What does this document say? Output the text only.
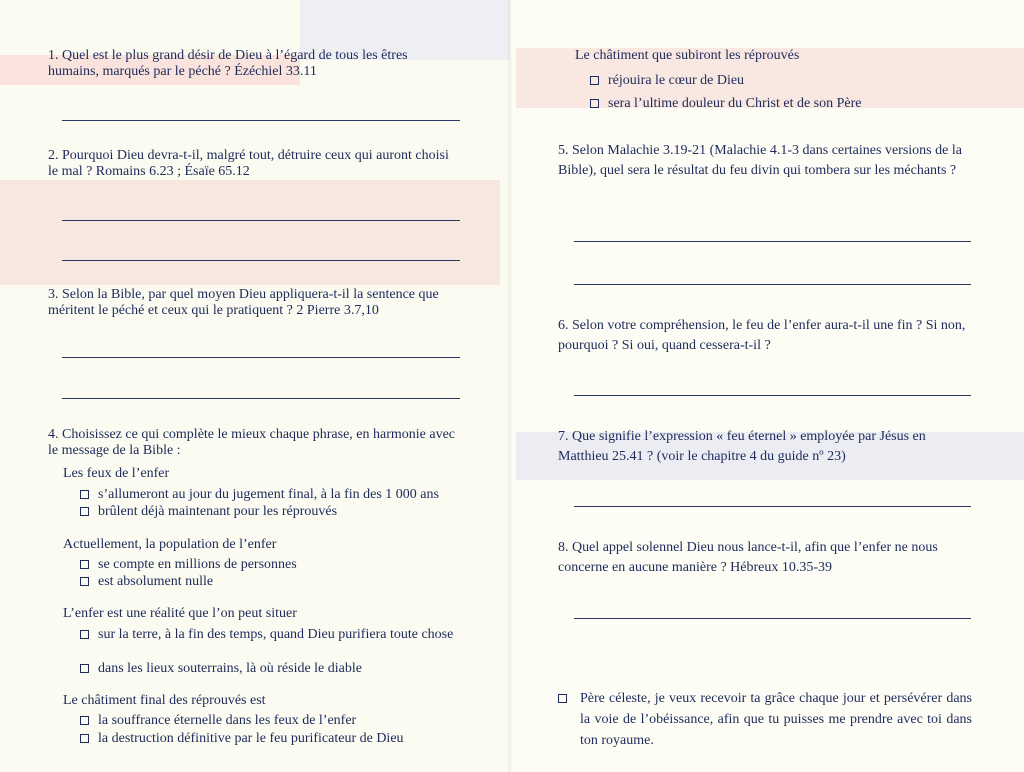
1. Quel est le plus grand désir de Dieu à l’égard de tous les êtres humains, marqués par le péché ? Ézéchiel 33.11

2. Pourquoi Dieu devra-t-il, malgré tout, détruire ceux qui auront choisi le mal ? Romains 6.23 ; Ésaïe 65.12

3. Selon la Bible, par quel moyen Dieu appliquera-t-il la sentence que méritent le péché et ceux qui le pratiquent ? 2 Pierre 3.7,10

4. Choisissez ce qui complète le mieux chaque phrase, en harmonie avec le message de la Bible :

Les feux de l’enfer
s’allumeront au jour du jugement final, à la fin des 1 000 ans
brûlent déjà maintenant pour les réprouvés
Actuellement, la population de l’enfer
se compte en millions de personnes
est absolument nulle
L’enfer est une réalité que l’on peut situer
sur la terre, à la fin des temps, quand Dieu purifiera toute chose
dans les lieux souterrains, là où réside le diable
Le châtiment final des réprouvés est
la souffrance éternelle dans les feux de l’enfer
la destruction définitive par le feu purificateur de Dieu
Le châtiment que subiront les réprouvés
réjouira le cœur de Dieu
sera l’ultime douleur du Christ et de son Père

5. Selon Malachie 3.19-21 (Malachie 4.1-3 dans certaines versions de la Bible), quel sera le résultat du feu divin qui tombera sur les méchants ?

6. Selon votre compréhension, le feu de l’enfer aura-t-il une fin ? Si non, pourquoi ? Si oui, quand cessera-t-il ?

7. Que signifie l’expression « feu éternel » employée par Jésus en Matthieu 25.41 ? (voir le chapitre 4 du guide nº 23)

8. Quel appel solennel Dieu nous lance-t-il, afin que l’enfer ne nous concerne en aucune manière ? Hébreux 10.35-39

Père céleste, je veux recevoir ta grâce chaque jour et persévérer dans la voie de l’obéissance, afin que tu puisses me prendre avec toi dans ton royaume.
